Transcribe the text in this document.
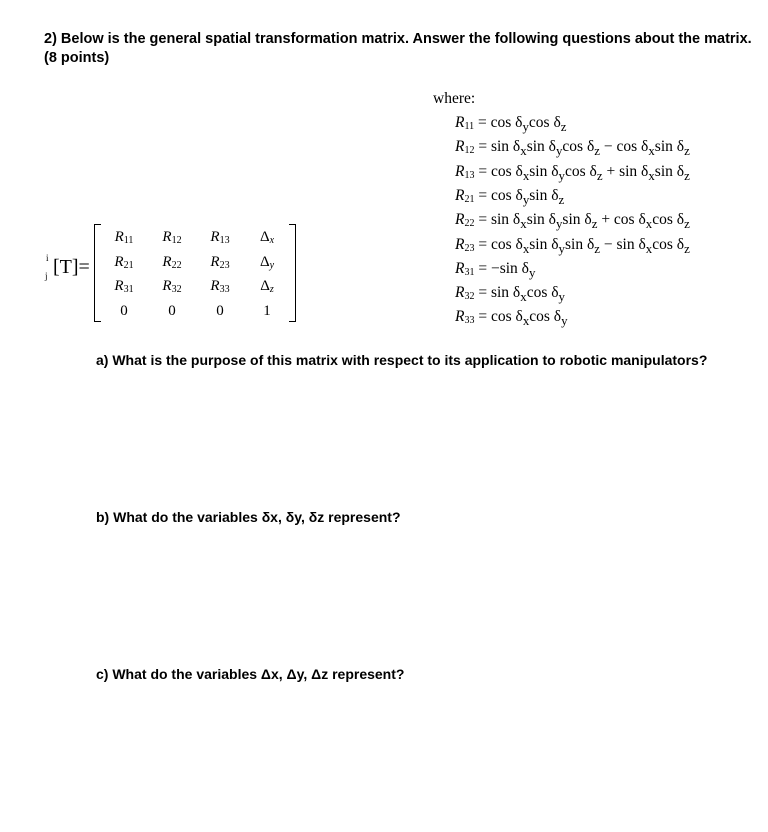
2) Below is the general spatial transformation matrix. Answer the following questions about the matrix.
(8 points)
i
j [T]=
$R_{11}$	$R_{12}$	$R_{13}$	$\Delta_x$
$R_{21}$	$R_{22}$	$R_{23}$	$\Delta_y$
$R_{31}$	$R_{32}$	$R_{33}$	$\Delta_z$
0	0	0	1
where:
$R_{11} = \cos \delta_y\cos$ $\delta_z$
$R_{12} = \sin \delta_x\sin$ $\delta_y\cos$ $\delta_z - \cos \delta_x\sin$ $\delta_z$
$R_{13} = \cos \delta_x\sin$ $\delta_y\cos$ $\delta_z + \sin \delta_x\sin$ $\delta_z$
$R_{21} = \cos \delta_y\sin$ $\delta_z$
$R_{22} = \sin \delta_x\sin$ $\delta_y\sin$ $\delta_z + \cos \delta_x\cos$ $\delta_z$
$R_{23} = \cos \delta_x\sin$ $\delta_y\sin$ $\delta_z - \sin \delta_x\cos$ $\delta_z$
$R_{31} = -\sin$ $\delta_y$
$R_{32} = \sin \delta_x\cos$ $\delta_y$
$R_{33} = \cos \delta_x\cos$ $\delta_y$
a) What is the purpose of this matrix with respect to its application to robotic manipulators?
b) What do the variables δx, δy, δz represent?
c) What do the variables Δx, Δy, Δz represent?
